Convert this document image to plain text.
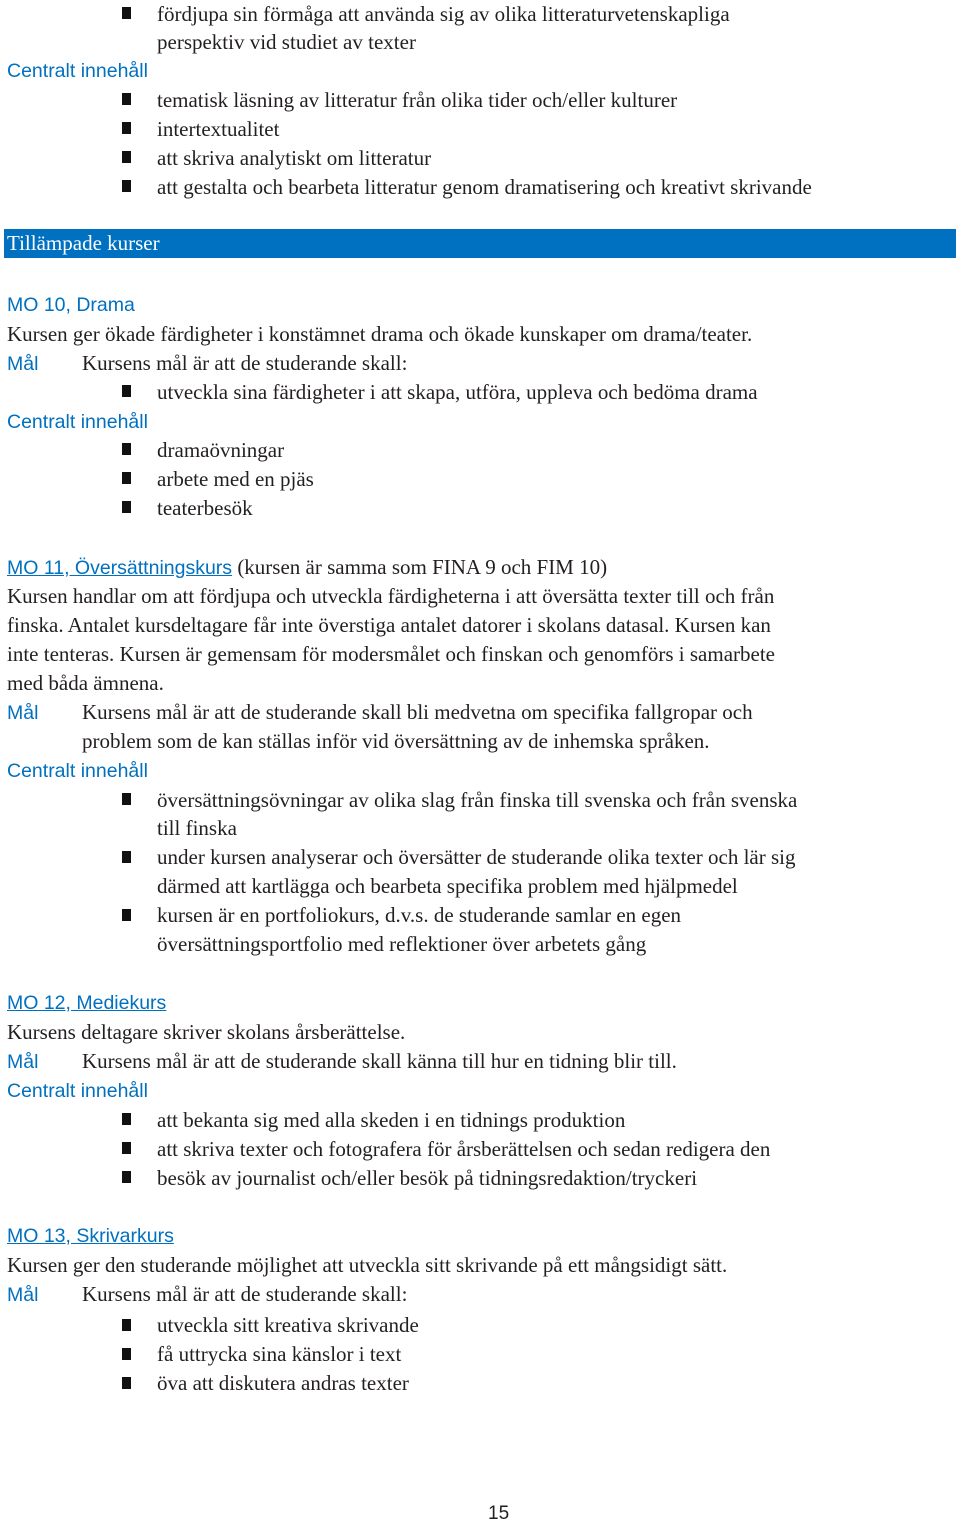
fördjupa sin förmåga att använda sig av olika litteraturvetenskapliga
perspektiv vid studiet av texter
Centralt innehåll
tematisk läsning av litteratur från olika tider och/eller kulturer
intertextualitet
att skriva analytiskt om litteratur
att gestalta och bearbeta litteratur genom dramatisering och kreativt skrivande
Tillämpade kurser
MO 10, Drama
Kursen ger ökade färdigheter i konstämnet drama och ökade kunskaper om drama/teater.
Mål Kursens mål är att de studerande skall:
utveckla sina färdigheter i att skapa, utföra, uppleva och bedöma drama
Centralt innehåll
dramaövningar
arbete med en pjäs
teaterbesök
MO 11, Översättningskurs (kursen är samma som FINA 9 och FIM 10)
Kursen handlar om att fördjupa och utveckla färdigheterna i att översätta texter till och från
finska. Antalet kursdeltagare får inte överstiga antalet datorer i skolans datasal. Kursen kan
inte tenteras. Kursen är gemensam för modersmålet och finskan och genomförs i samarbete
med båda ämnena.
Mål Kursens mål är att de studerande skall bli medvetna om specifika fallgropar och
problem som de kan ställas inför vid översättning av de inhemska språken.
Centralt innehåll
översättningsövningar av olika slag från finska till svenska och från svenska
till finska
under kursen analyserar och översätter de studerande olika texter och lär sig
därmed att kartlägga och bearbeta specifika problem med hjälpmedel
kursen är en portfoliokurs, d.v.s. de studerande samlar en egen
översättningsportfolio med reflektioner över arbetets gång
MO 12, Mediekurs
Kursens deltagare skriver skolans årsberättelse.
Mål Kursens mål är att de studerande skall känna till hur en tidning blir till.
Centralt innehåll
att bekanta sig med alla skeden i en tidnings produktion
att skriva texter och fotografera för årsberättelsen och sedan redigera den
besök av journalist och/eller besök på tidningsredaktion/tryckeri
MO 13, Skrivarkurs
Kursen ger den studerande möjlighet att utveckla sitt skrivande på ett mångsidigt sätt.
Mål Kursens mål är att de studerande skall:
utveckla sitt kreativa skrivande
få uttrycka sina känslor i text
öva att diskutera andras texter
15
